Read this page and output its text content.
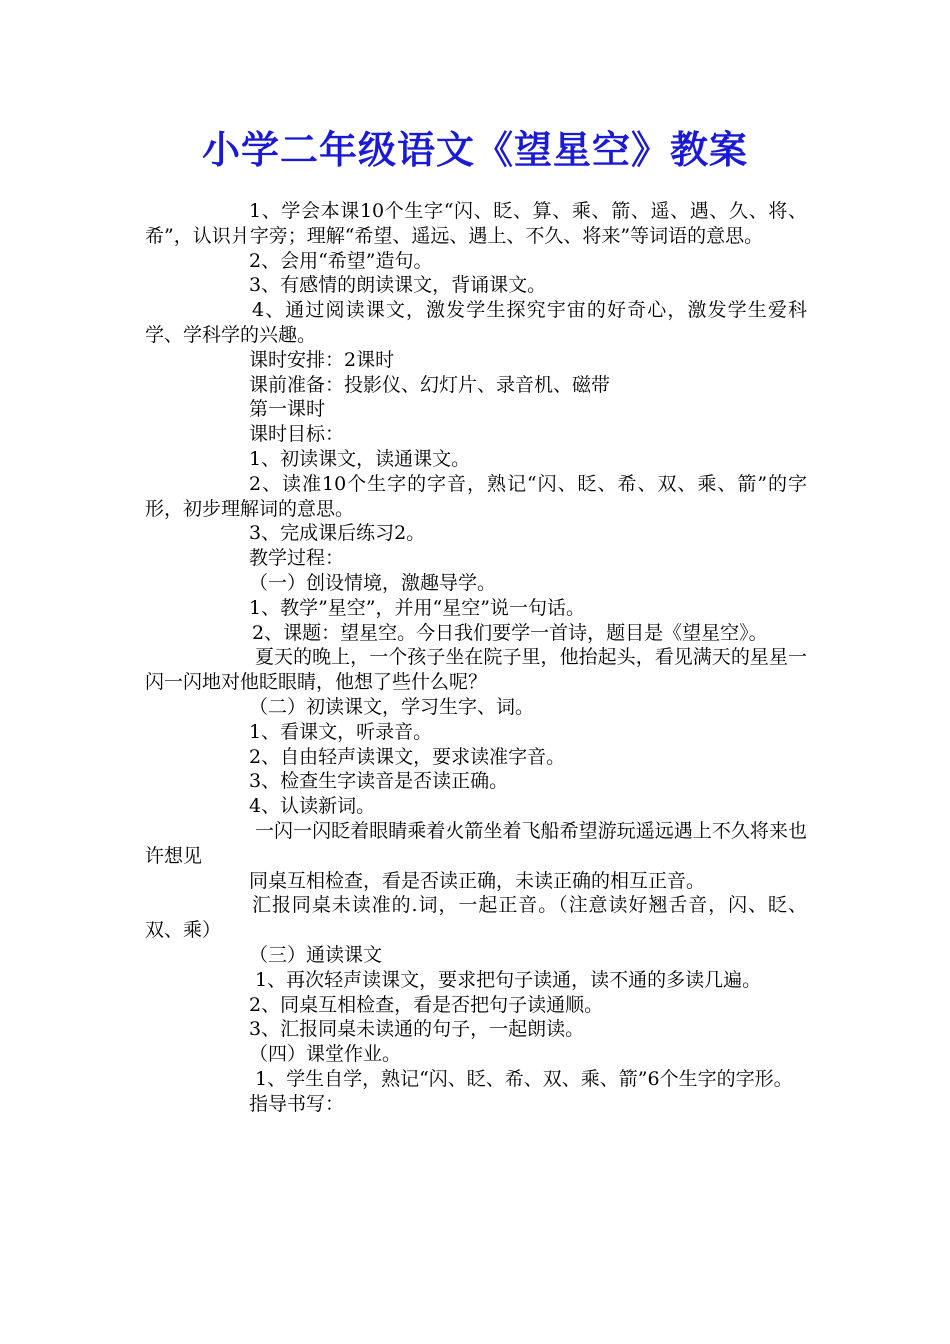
小学二年级语文《望星空》教案

1、学会本课10个生字“闪、眨、算、乘、箭、遥、遇、久、将、希”，认识爿字旁；理解“希望、遥远、遇上、不久、将来”等词语的意思。

2、会用“希望”造句。

3、有感情的朗读课文，背诵课文。

4、通过阅读课文，激发学生探究宇宙的好奇心，激发学生爱科学、学科学的兴趣。

课时安排：2课时

课前准备：投影仪、幻灯片、录音机、磁带

第一课时

课时目标：

1、初读课文，读通课文。

2、读准10个生字的字音，熟记“闪、眨、希、双、乘、箭”的字形，初步理解词的意思。

3、完成课后练习2。

教学过程：

（一）创设情境，激趣导学。

1、教学”星空”，并用“星空”说一句话。

2、课题：望星空。今日我们要学一首诗，题目是《望星空》。

夏天的晚上，一个孩子坐在院子里，他抬起头，看见满天的星星一闪一闪地对他眨眼睛，他想了些什么呢？

（二）初读课文，学习生字、词。

1、看课文，听录音。

2、自由轻声读课文，要求读准字音。

3、检查生字读音是否读正确。

4、认读新词。

一闪一闪眨着眼睛乘着火箭坐着飞船希望游玩遥远遇上不久将来也许想见

同桌互相检查，看是否读正确，未读正确的相互正音。

汇报同桌未读准的.词，一起正音。（注意读好翘舌音，闪、眨、双、乘）

（三）通读课文

1、再次轻声读课文，要求把句子读通，读不通的多读几遍。

2、同桌互相检查，看是否把句子读通顺。

3、汇报同桌未读通的句子，一起朗读。

（四）课堂作业。

1、学生自学，熟记“闪、眨、希、双、乘、箭”6个生字的字形。

指导书写：
